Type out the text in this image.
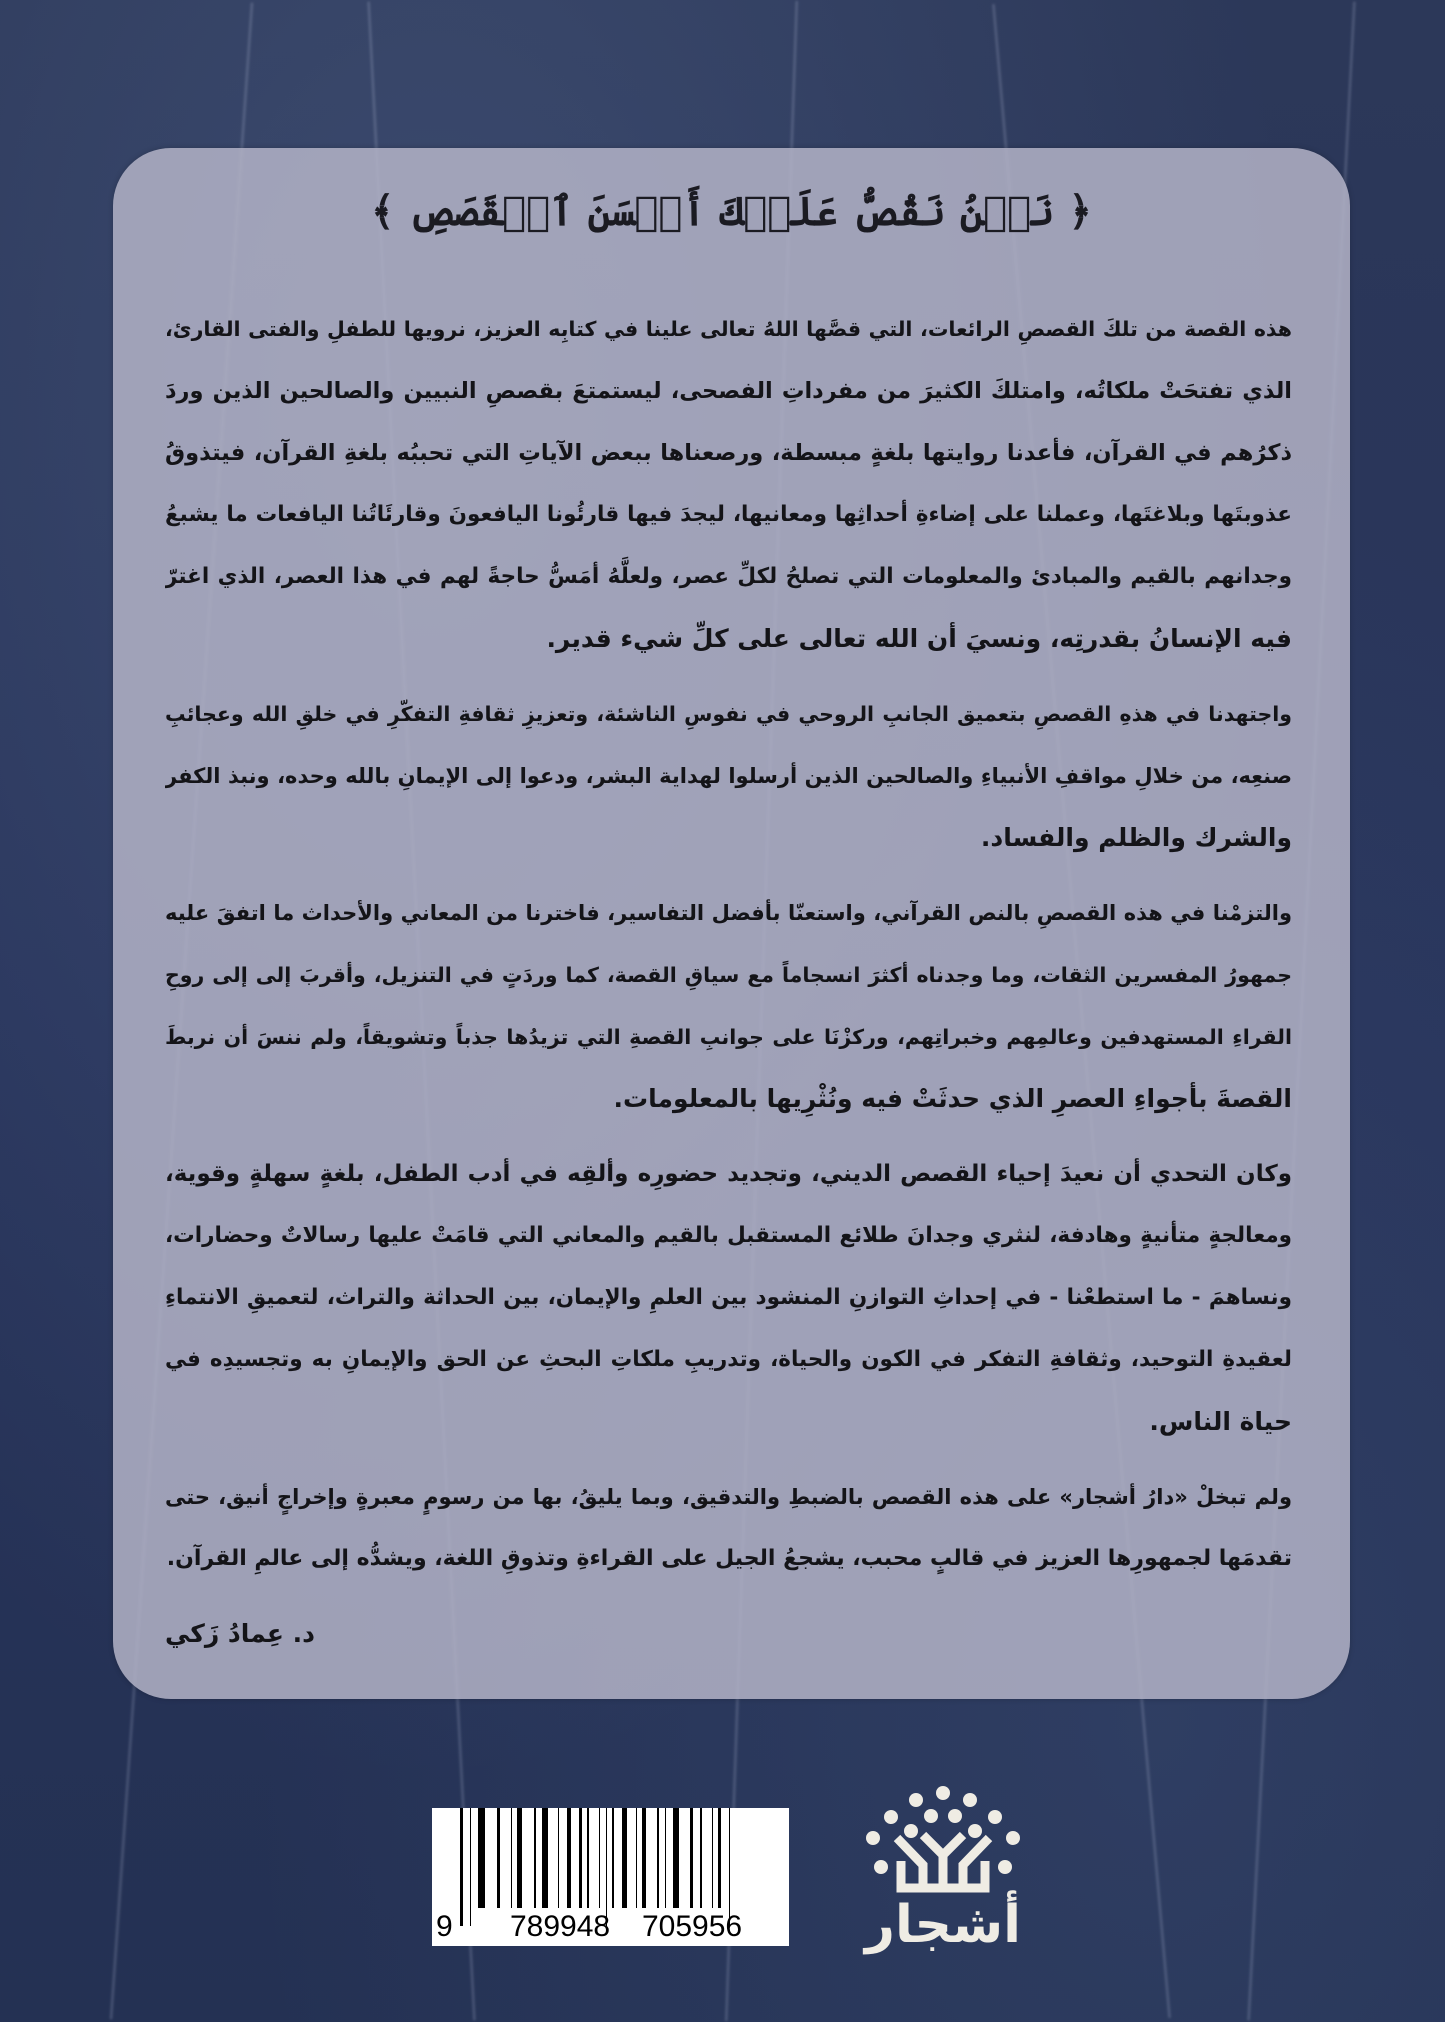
﴿ نَحۡنُ نَقُصُّ عَلَيۡكَ أَحۡسَنَ ٱلۡقَصَصِ ﴾
هذه القصة من تلكَ القصصِ الرائعات، التي قصَّها اللهُ تعالى علينا في كتابِه العزيز، نرويها للطفلِ والفتى القارئ،
الذي تفتحَتْ ملكاتُه، وامتلكَ الكثيرَ من مفرداتِ الفصحى، ليستمتعَ بقصصِ النبيين والصالحين الذين وردَ
ذكرُهم في القرآن، فأعدنا روايتها بلغةٍ مبسطة، ورصعناها ببعض الآياتِ التي تحببُه بلغةِ القرآن، فيتذوقُ
عذوبتَها وبلاغتَها، وعملنا على إضاءةِ أحداثِها ومعانيها، ليجدَ فيها قارئُونا اليافعونَ وقارئَاتُنا اليافعات ما يشبعُ
وجدانهم بالقيم والمبادئ والمعلومات التي تصلحُ لكلِّ عصر، ولعلَّهُ أمَسُّ حاجةً لهم في هذا العصر، الذي اغترّ
فيه الإنسانُ بقدرتِه، ونسيَ أن الله تعالى على كلِّ شيء قدير.
واجتهدنا في هذهِ القصصِ بتعميق الجانبِ الروحي في نفوسِ الناشئة، وتعزيزِ ثقافةِ التفكّرِ في خلقِ الله وعجائبِ
صنعِه، من خلالِ مواقفِ الأنبياءِ والصالحين الذين أرسلوا لهداية البشر، ودعوا إلى الإيمانِ بالله وحده، ونبذ الكفر
والشرك والظلم والفساد.
والتزمْنا في هذه القصصِ بالنص القرآني، واستعنّا بأفضل التفاسير، فاخترنا من المعاني والأحداث ما اتفقَ عليه
جمهورُ المفسرين الثقات، وما وجدناه أكثرَ انسجاماً مع سياقِ القصة، كما وردَتٍ في التنزيل، وأقربَ إلى إلى روحِ
القراءِ المستهدفين وعالمِهم وخبراتِهم، وركزْنَا على جوانبِ القصةِ التي تزيدُها جذباً وتشويقاً، ولم ننسَ أن نربطَ
القصةَ بأجواءِ العصرِ الذي حدثَتْ فيه ونُثْرِيها بالمعلومات.
وكان التحدي أن نعيدَ إحياء القصص الديني، وتجديد حضورِه وألقِه في أدب الطفل، بلغةٍ سهلةٍ وقوية،
ومعالجةٍ متأنيةٍ وهادفة، لنثري وجدانَ طلائع المستقبل بالقيم والمعاني التي قامَتْ عليها رسالاتٌ وحضارات،
ونساهمَ - ما استطعْنا - في إحداثِ التوازنِ المنشود بين العلمِ والإيمان، بين الحداثة والتراث، لتعميقِ الانتماءِ
لعقيدةِ التوحيد، وثقافةِ التفكر في الكون والحياة، وتدريبِ ملكاتِ البحثِ عن الحق والإيمانِ به وتجسيدِه في
حياة الناس.
ولم تبخلْ «دارُ أشجار» على هذه القصص بالضبطِ والتدقيق، وبما يليقُ، بها من رسومٍ معبرةٍ وإخراجٍ أنيق، حتى
تقدمَها لجمهورِها العزيز في قالبٍ محبب، يشجعُ الجيل على القراءةِ وتذوقِ اللغة، ويشدُّه إلى عالمِ القرآن.
د. عِمادُ زَكي
9 789948 705956 أشجار
